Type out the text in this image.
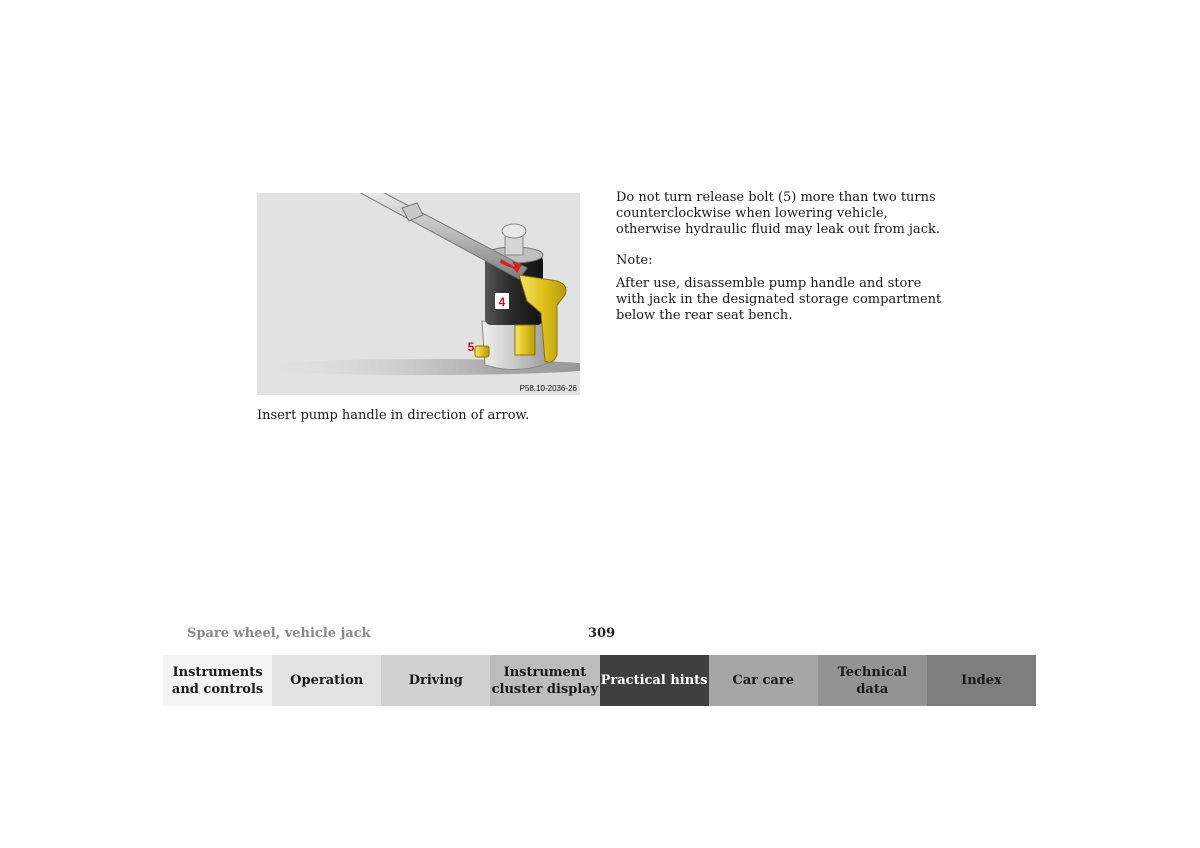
4
5
P58.10-2036-26
Insert pump handle in direction of arrow.

Do not turn release bolt (5) more than two turns counterclockwise when lowering vehicle, otherwise hydraulic fluid may leak out from jack.

Note:

After use, disassemble pump handle and store with jack in the designated storage compartment below the rear seat bench.

Spare wheel, vehicle jack	309
Instruments
and controls
Operation	Driving
Instrument
cluster display
Practical hints	Car care
Technical
data
Index
